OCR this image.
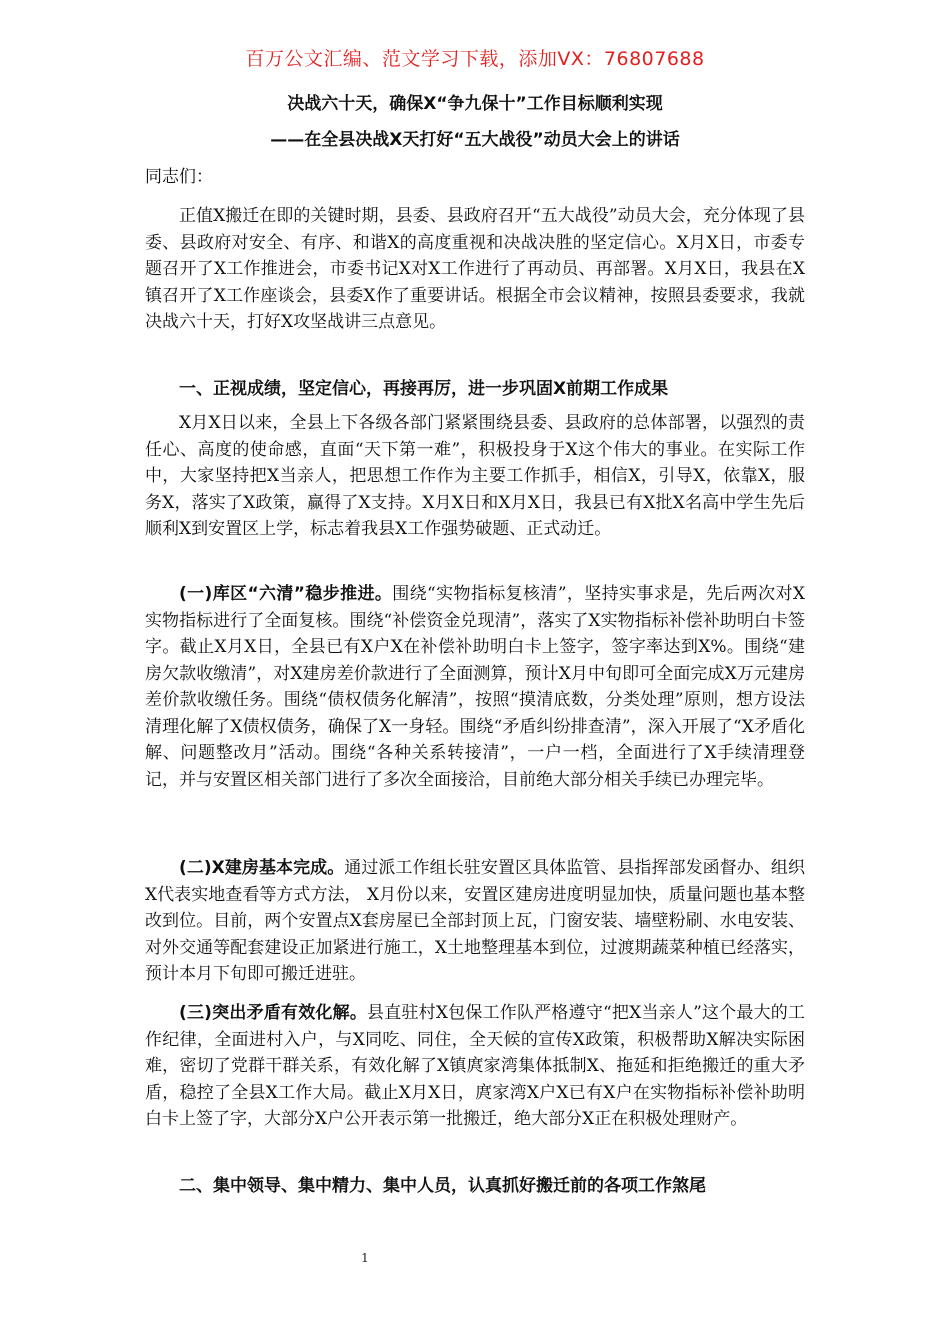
百万公文汇编、范文学习下载，添加VX：76807688
决战六十天，确保X“争九保十”工作目标顺利实现
——在全县决战X天打好“五大战役”动员大会上的讲话
同志们：
正值X搬迁在即的关键时期，县委、县政府召开“五大战役”动员大会，充分体现了县委、县政府对安全、有序、和谐X的高度重视和决战决胜的坚定信心。X月X日，市委专题召开了X工作推进会，市委书记X对X工作进行了再动员、再部署。X月X日，我县在X镇召开了X工作座谈会，县委X作了重要讲话。根据全市会议精神，按照县委要求，我就决战六十天，打好X攻坚战讲三点意见。
一、正视成绩，坚定信心，再接再厉，进一步巩固X前期工作成果
X月X日以来，全县上下各级各部门紧紧围绕县委、县政府的总体部署，以强烈的责任心、高度的使命感，直面“天下第一难”，积极投身于X这个伟大的事业。在实际工作中，大家坚持把X当亲人，把思想工作作为主要工作抓手，相信X，引导X，依靠X，服务X，落实了X政策，赢得了X支持。X月X日和X月X日，我县已有X批X名高中学生先后顺利X到安置区上学，标志着我县X工作强势破题、正式动迁。
(一)库区“六清”稳步推进。围绕“实物指标复核清”，坚持实事求是，先后两次对X实物指标进行了全面复核。围绕“补偿资金兑现清”，落实了X实物指标补偿补助明白卡签字。截止X月X日，全县已有X户X在补偿补助明白卡上签字，签字率达到X%。围绕“建房欠款收缴清”，对X建房差价款进行了全面测算，预计X月中旬即可全面完成X万元建房差价款收缴任务。围绕“债权债务化解清”，按照“摸清底数，分类处理”原则，想方设法清理化解了X债权债务，确保了X一身轻。围绕“矛盾纠纷排查清”，深入开展了“X矛盾化解、问题整改月”活动。围绕“各种关系转接清”，一户一档，全面进行了X手续清理登记，并与安置区相关部门进行了多次全面接洽，目前绝大部分相关手续已办理完毕。
(二)X建房基本完成。通过派工作组长驻安置区具体监管、县指挥部发函督办、组织X代表实地查看等方式方法， X月份以来，安置区建房进度明显加快，质量问题也基本整改到位。目前，两个安置点X套房屋已全部封顶上瓦，门窗安装、墙壁粉刷、水电安装、对外交通等配套建设正加紧进行施工，X土地整理基本到位，过渡期蔬菜种植已经落实，预计本月下旬即可搬迁进驻。
(三)突出矛盾有效化解。县直驻村X包保工作队严格遵守“把X当亲人”这个最大的工作纪律，全面进村入户，与X同吃、同住，全天候的宣传X政策，积极帮助X解决实际困难，密切了党群干群关系，有效化解了X镇庹家湾集体抵制X、拖延和拒绝搬迁的重大矛盾，稳控了全县X工作大局。截止X月X日，庹家湾X户X已有X户在实物指标补偿补助明白卡上签了字，大部分X户公开表示第一批搬迁，绝大部分X正在积极处理财产。
二、集中领导、集中精力、集中人员，认真抓好搬迁前的各项工作煞尾
1
